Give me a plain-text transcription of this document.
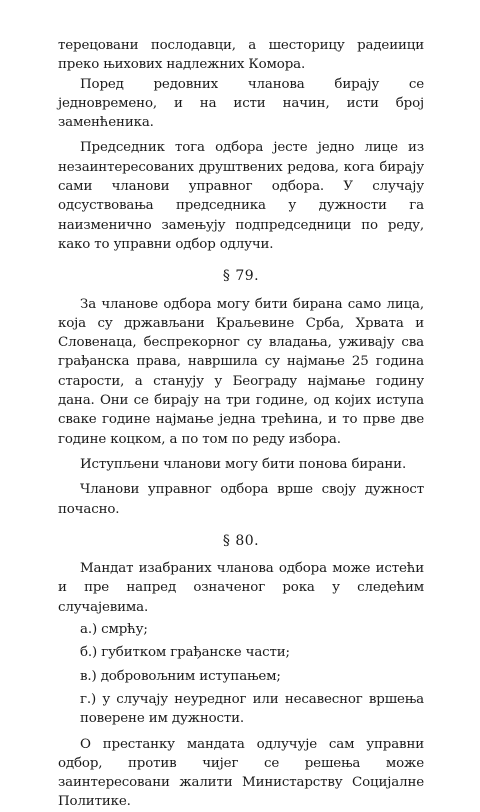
терецовани послодавци, а шесторицу радеиици преко њихових надлежних Комора.

Поред редовних чланова бирају се једновремено, и на исти начин, исти број заменћеника.

Председник тога одбора јесте једно лице из незаинтересованих друштвених редова, кога бирају сами чланови управног одбора. У случају одсуствовања председника у дужности га наизменично замењују подпредседници по реду, како то управни одбор одлучи.

§ 79.

За чланове одбора могу бити бирана само лица, која су држављани Краљевине Срба, Хрвата и Словенаца, беспрекорног су владања, уживају сва грађанска права, навршила су најмање 25 година старости, а станују у Београду најмање годину дана. Они се бирају на три године, од којих иступа сваке године најмање једна трећина, и то прве две године коцком, а по том по реду избора.

Иступљени чланови могу бити понова бирани.

Чланови управног одбора врше своју дужност почасно.

§ 80.

Мандат изабраних чланова одбора може истећи и пре напред означеног рока у следећим случајевима.

а.) смрћу;
б.) губитком грађанске части;
в.) добровољним иступањем;
г.) у случају неуредног или несавесног вршења поверене им дужности.

О престанку мандата одлучује сам управни одбор, против чијег се решења може заинтересовани жалити Министарству Социјалне Политике.
